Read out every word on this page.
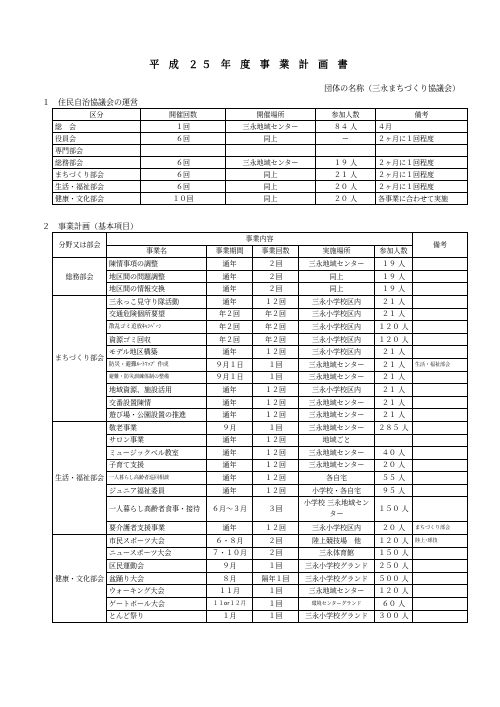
平 成 ２５ 年 度 事 業 計 画 書
団体の名称（三永まちづくり協議会）
１　住民自治協議会の運営
区分	開催回数	開催場所	参加人数	備考
総　会	１回	三永地域センター	８４ 人	４月
役員会	６回	同上	ー	２ヶ月に１回程度
専門部会				
総務部会	６回	三永地域センター	１９ 人	２ヶ月に１回程度
まちづくり部会	６回	同上	２１ 人	２ヶ月に１回程度
生活・福祉部会	６回	同上	２０ 人	２ヶ月に１回程度
健康・文化部会	１０回	同上	２０ 人	各事業に合わせて実施
２　事業計画（基本項目）
分野又は部会	事業内容					備考
	事業名	事業期間	事業回数	実施場所	参加人数	
総務部会	陳情事項の調整	通年	２回	三永地域センター	１９ 人	
	地区間の問題調整	通年	２回	同上	１９ 人	
	地区間の情報交換	通年	２回	同上	１９ 人	
まちづくり部会	三永っこ見守り隊活動	通年	１２回	三永小学校区内	２１ 人	
	交通危険個所要望	年２回	年２回	三永小学校区内	２１ 人	
	散乱ゴミ追放ｷｬﾝﾍﾟｰﾝ	年２回	年２回	三永小学校区内	１２０ 人	
	資源ゴミ回収	年２回	年２回	三永小学校区内	１２０ 人	
	モデル地区構築	通年	１２回	三永小学校区内	２１ 人	
	防災・避難ﾙｰﾄﾏｯﾌﾟ 作成	９月１日	１回	三永地域センター	２１ 人	生活・福祉部会
	避難・防災訓練体制の整備	９月１日	１回	三永地域センター	２１ 人	
	地域資源、施設活用	通年	１２回	三永小学校区内	２１ 人	
	交番設置陳情	通年	１２回	三永地域センター	２１ 人	
	遊び場・公園設置の推進	通年	１２回	三永地域センター	２１ 人	
生活・福祉部会	敬老事業	９月	１回	三永地域センター	２８５ 人	
	サロン事業	通年	１２回	地域ごと		
	ミュージックベル教室	通年	１２回	三永地域センター	４０ 人	
	子育て支援	通年	１２回	三永地域センター	２０ 人	
	一人暮らし高齢者巡回相談	通年	１２回	各自宅	５５ 人	
	ジュニア福祉委員	通年	１２回	小学校・各自宅	９５ 人	
	一人暮らし高齢者食事・接待	６月～３月	３回	小学校 三永地域センター	１５０ 人	
	要介護者支援事業	通年	１２回	三永小学校区内	２０ 人	まちづくり部会
健康・文化部会	市民スポーツ大会	６・８月	２回	陸上競技場　他	１２０ 人	陸上･球技
	ニュースポーツ大会	７・１０月	２回	三永体育館	１５０ 人	
	区民運動会	９月	１回	三永小学校グランド	２５０ 人	
	盆踊り大会	８月	隔年１回	三永小学校グランド	５００ 人	
	ウォーキング大会	１１月	１回	三永地域センター	１２０ 人	
	ゲートボール大会	１１or１２月	１回	環境センターグランド	６０ 人	
	とんど祭り	１月	１回	三永小学校グランド	３００ 人	
